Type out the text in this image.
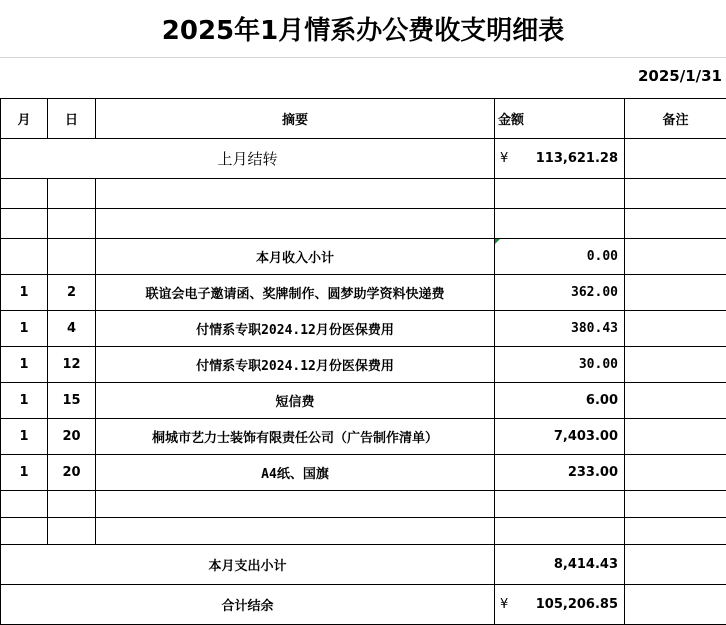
2025年1月情系办公费收支明细表
2025/1/31
月	日	摘要	金额	备注
上月结转			¥ 113,621.28	

		本月收入小计	0.00	
1	2	联谊会电子邀请函、奖牌制作、圆梦助学资料快递费	362.00	
1	4	付情系专职2024.12月份医保费用	380.43	
1	12	付情系专职2024.12月份医保费用	30.00	
1	15	短信费	6.00	
1	20	桐城市艺力士装饰有限责任公司（广告制作清单）	7,403.00	
1	20	A4纸、国旗	233.00	

本月支出小计			8,414.43	
合计结余			¥ 105,206.85	
